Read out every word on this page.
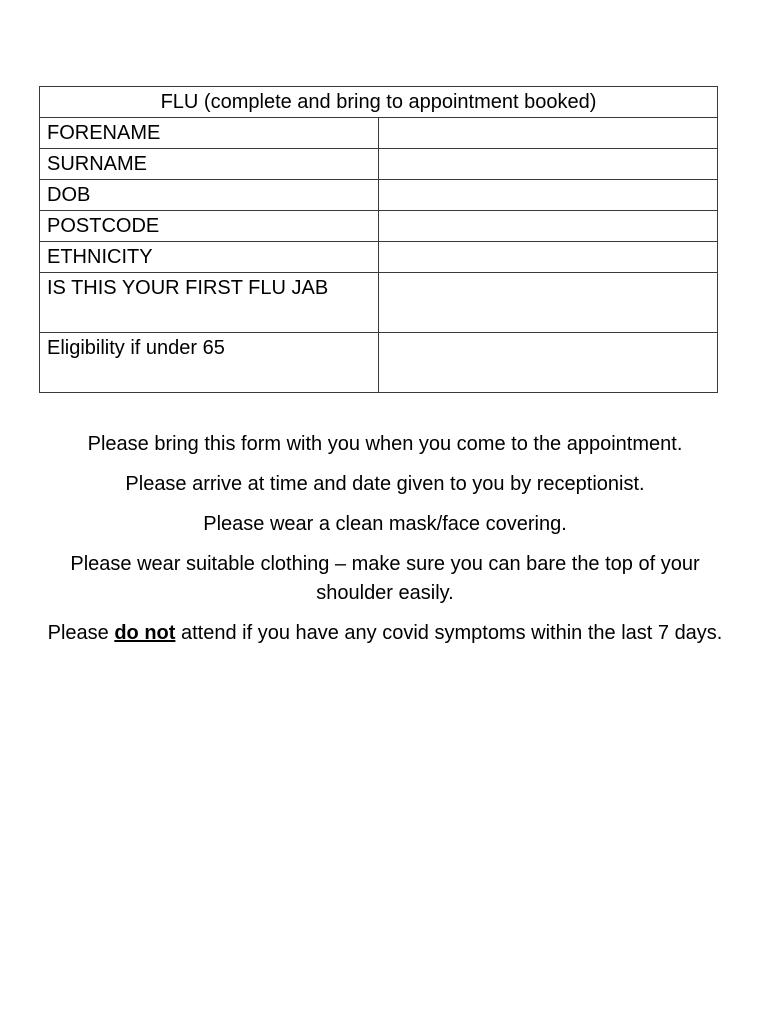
FLU (complete and bring to appointment booked)	
FORENAME	
SURNAME	
DOB	
POSTCODE	
ETHNICITY	
IS THIS YOUR FIRST FLU JAB	
Eligibility if under 65	

Please bring this form with you when you come to the appointment.

Please arrive at time and date given to you by receptionist.

Please wear a clean mask/face covering.

Please wear suitable clothing – make sure you can bare the top of your shoulder easily.

Please do not attend if you have any covid symptoms within the last 7 days.
